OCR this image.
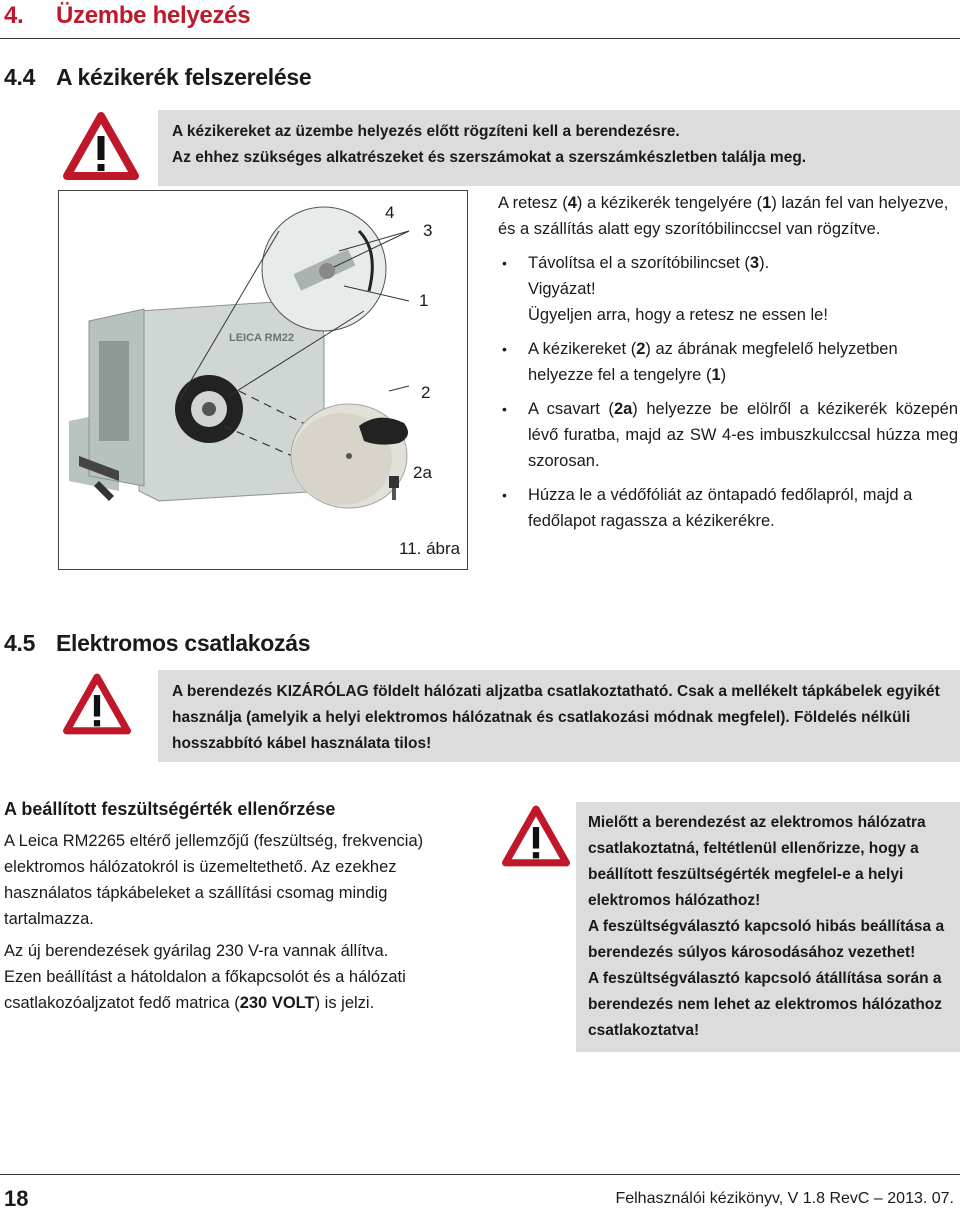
4. Üzembe helyezés
4.4 A kézikerék felszerelése
A kézikereket az üzembe helyezés előtt rögzíteni kell a berendezésre.
Az ehhez szükséges alkatrészeket és szerszámokat a szerszámkészletben találja meg.
LEICA RM22
4
3
1
2
2a
11. ábra
A retesz (4) a kézikerék tengelyére (1) lazán fel van helyezve, és a szállítás alatt egy szorítóbilinccsel van rögzítve.
• Távolítsa el a szorítóbilincset (3).
Vigyázat!
Ügyeljen arra, hogy a retesz ne essen le!
• A kézikereket (2) az ábrának megfelelő helyzetben helyezze fel a tengelyre (1)
• A csavart (2a) helyezze be elölről a kézikerék közepén lévő furatba, majd az SW 4-es imbuszkulccsal húzza meg szorosan.
• Húzza le a védőfóliát az öntapadó fedőlapról, majd a fedőlapot ragassza a kézikerékre.
4.5 Elektromos csatlakozás
A berendezés KIZÁRÓLAG földelt hálózati aljzatba csatlakoztatható. Csak a mellékelt tápkábelek egyikét használja (amelyik a helyi elektromos hálózatnak és csatlakozási módnak megfelel). Földelés nélküli hosszabbító kábel használata tilos!
A beállított feszültségérték ellenőrzése
A Leica RM2265 eltérő jellemzőjű (feszültség, frekvencia) elektromos hálózatokról is üzemeltethető. Az ezekhez használatos tápkábeleket a szállítási csomag mindig tartalmazza.
Az új berendezések gyárilag 230 V-ra vannak állítva.
Ezen beállítást a hátoldalon a főkapcsolót és a hálózati csatlakozóaljzatot fedő matrica (230 VOLT) is jelzi.
Mielőtt a berendezést az elektromos hálózatra csatlakoztatná, feltétlenül ellenőrizze, hogy a beállított feszültségérték megfelel-e a helyi elektromos hálózathoz!
A feszültségválasztó kapcsoló hibás beállítása a berendezés súlyos károsodásához vezethet!
A feszültségválasztó kapcsoló átállítása során a berendezés nem lehet az elektromos hálózathoz csatlakoztatva!
18	Felhasználói kézikönyv, V 1.8 RevC – 2013. 07.
